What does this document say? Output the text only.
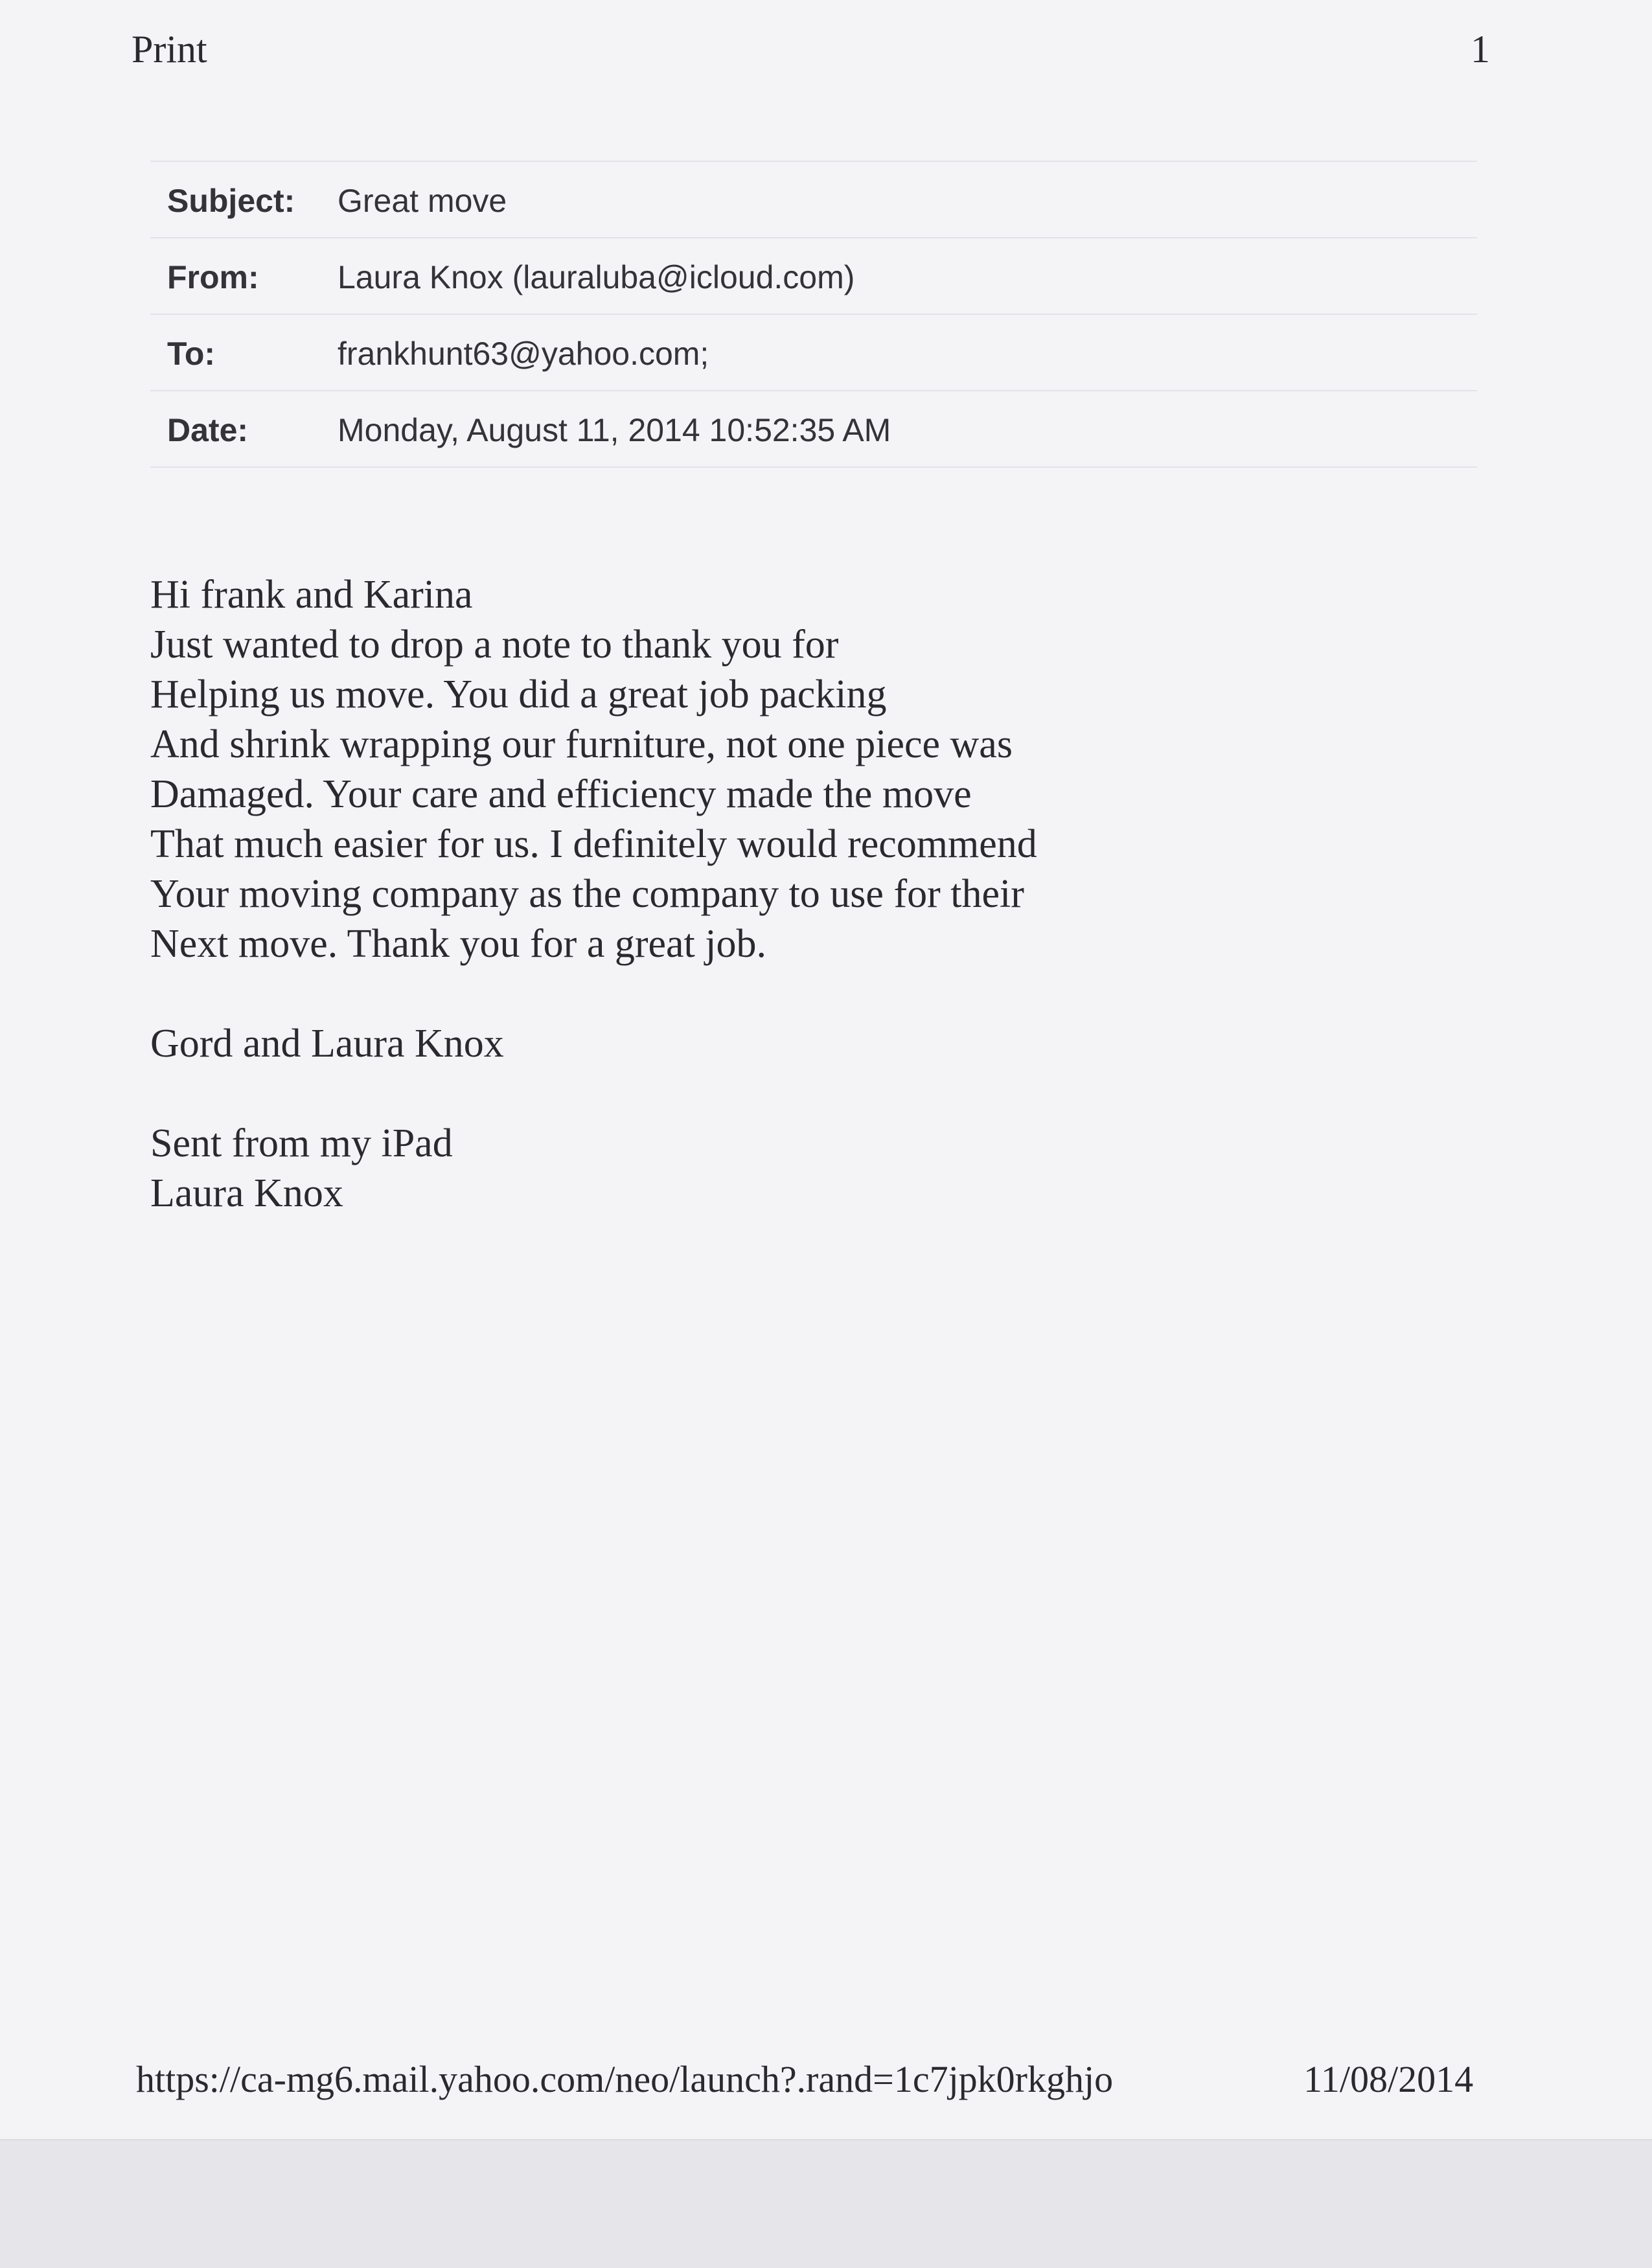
Print	1
Subject: Great move
From: Laura Knox (lauraluba@icloud.com)
To:	frankhunt63@yahoo.com;
Date:	Monday, August 11, 2014 10:52:35 AM
Hi frank and Karina
Just wanted to drop a note to thank you for
Helping us move. You did a great job packing
And shrink wrapping our furniture, not one piece was
Damaged. Your care and efficiency made the move
That much easier for us. I definitely would recommend
Your moving company as the company to use for their
Next move. Thank you for a great job.
Gord and Laura Knox
Sent from my iPad
Laura Knox
https://ca-mg6.mail.yahoo.com/neo/launch?.rand=1c7jpk0rkghjo	11/08/2014
